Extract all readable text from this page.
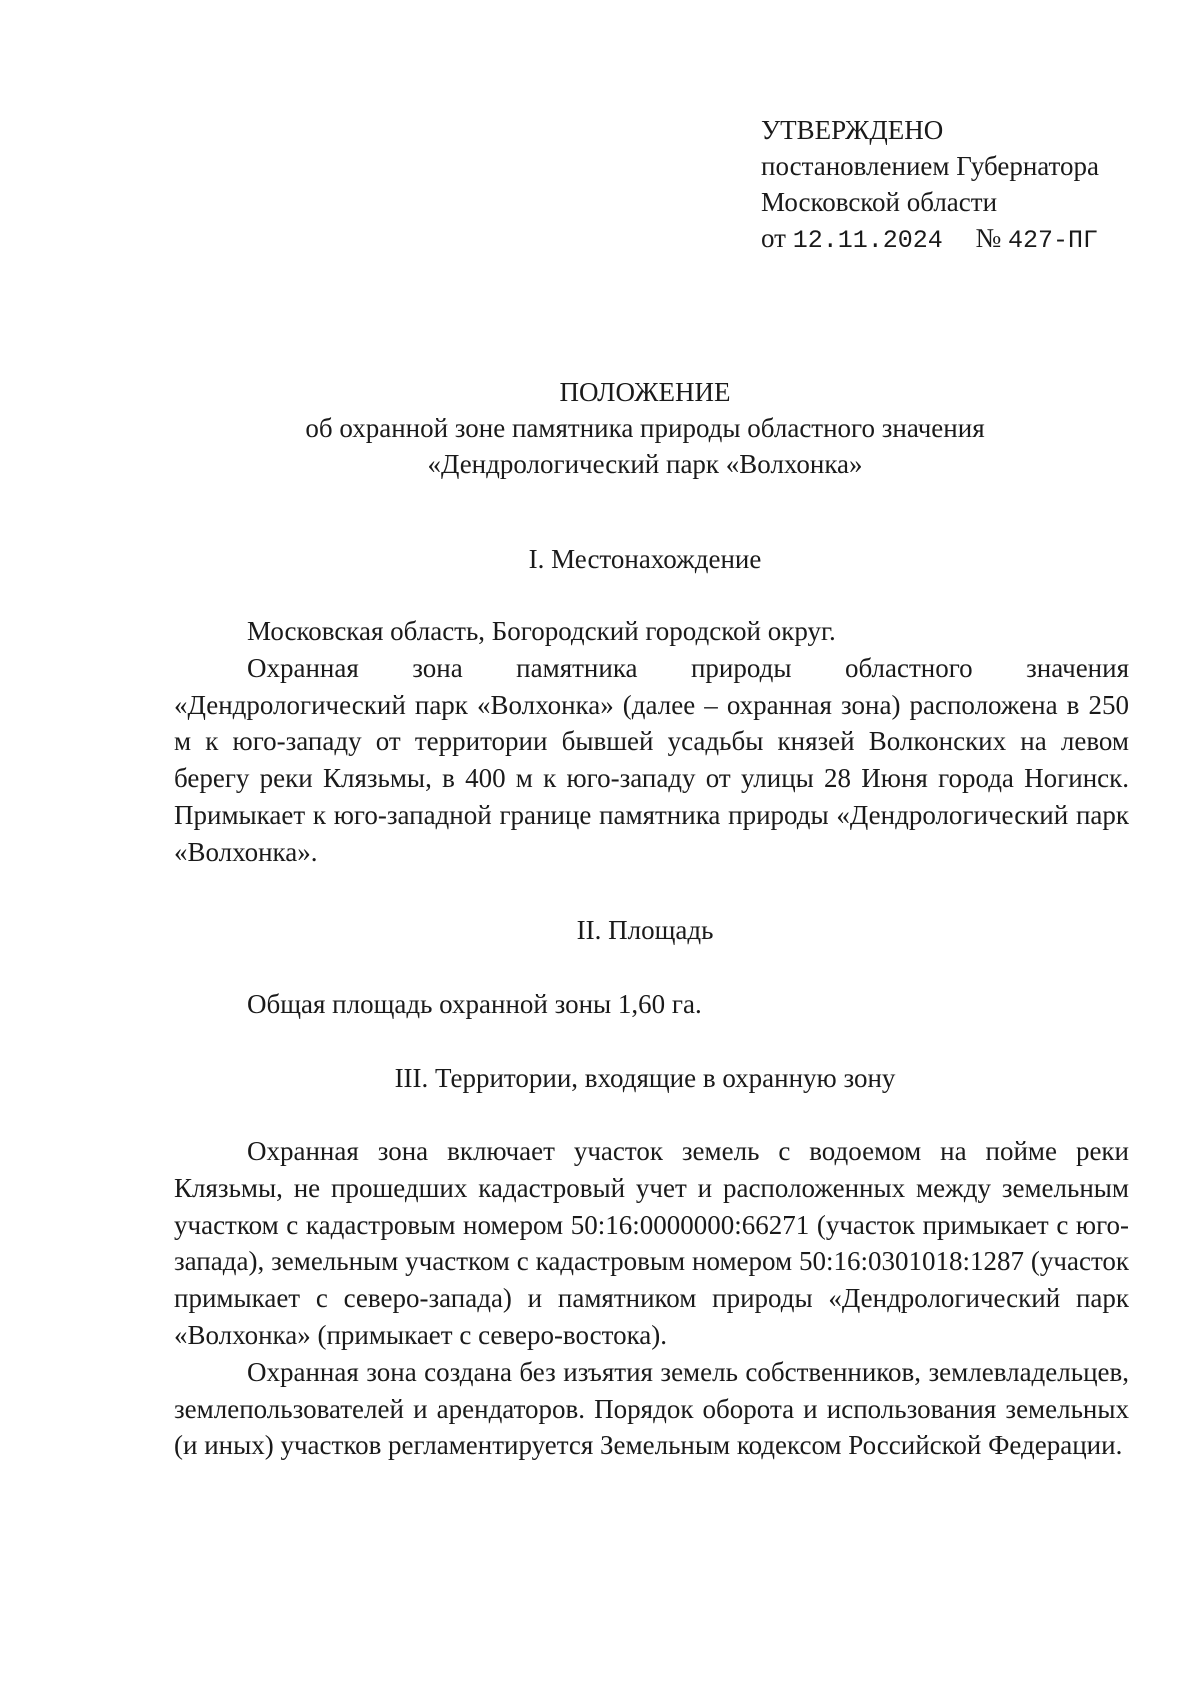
УТВЕРЖДЕНО
постановлением Губернатора
Московской области
от 12.11.2024 № 427-ПГ
ПОЛОЖЕНИЕ
об охранной зоне памятника природы областного значения
«Дендрологический парк «Волхонка»
I. Местонахождение

Московская область, Богородский городской округ.

Охранная зона памятника природы областного значения «Дендрологический парк «Волхонка» (далее – охранная зона) расположена в 250 м к юго-западу от территории бывшей усадьбы князей Волконских на левом берегу реки Клязьмы, в 400 м к юго-западу от улицы 28 Июня города Ногинск. Примыкает к юго-западной границе памятника природы «Дендрологический парк «Волхонка».

II. Площадь

Общая площадь охранной зоны 1,60 га.

III. Территории, входящие в охранную зону

Охранная зона включает участок земель с водоемом на пойме реки Клязьмы, не прошедших кадастровый учет и расположенных между земельным участком с кадастровым номером 50:16:0000000:66271 (участок примыкает с юго-запада), земельным участком с кадастровым номером 50:16:0301018:1287 (участок примыкает с северо-запада) и памятником природы «Дендрологический парк «Волхонка» (примыкает с северо-востока).

Охранная зона создана без изъятия земель собственников, землевладельцев, землепользователей и арендаторов. Порядок оборота и использования земельных (и иных) участков регламентируется Земельным кодексом Российской Федерации.
